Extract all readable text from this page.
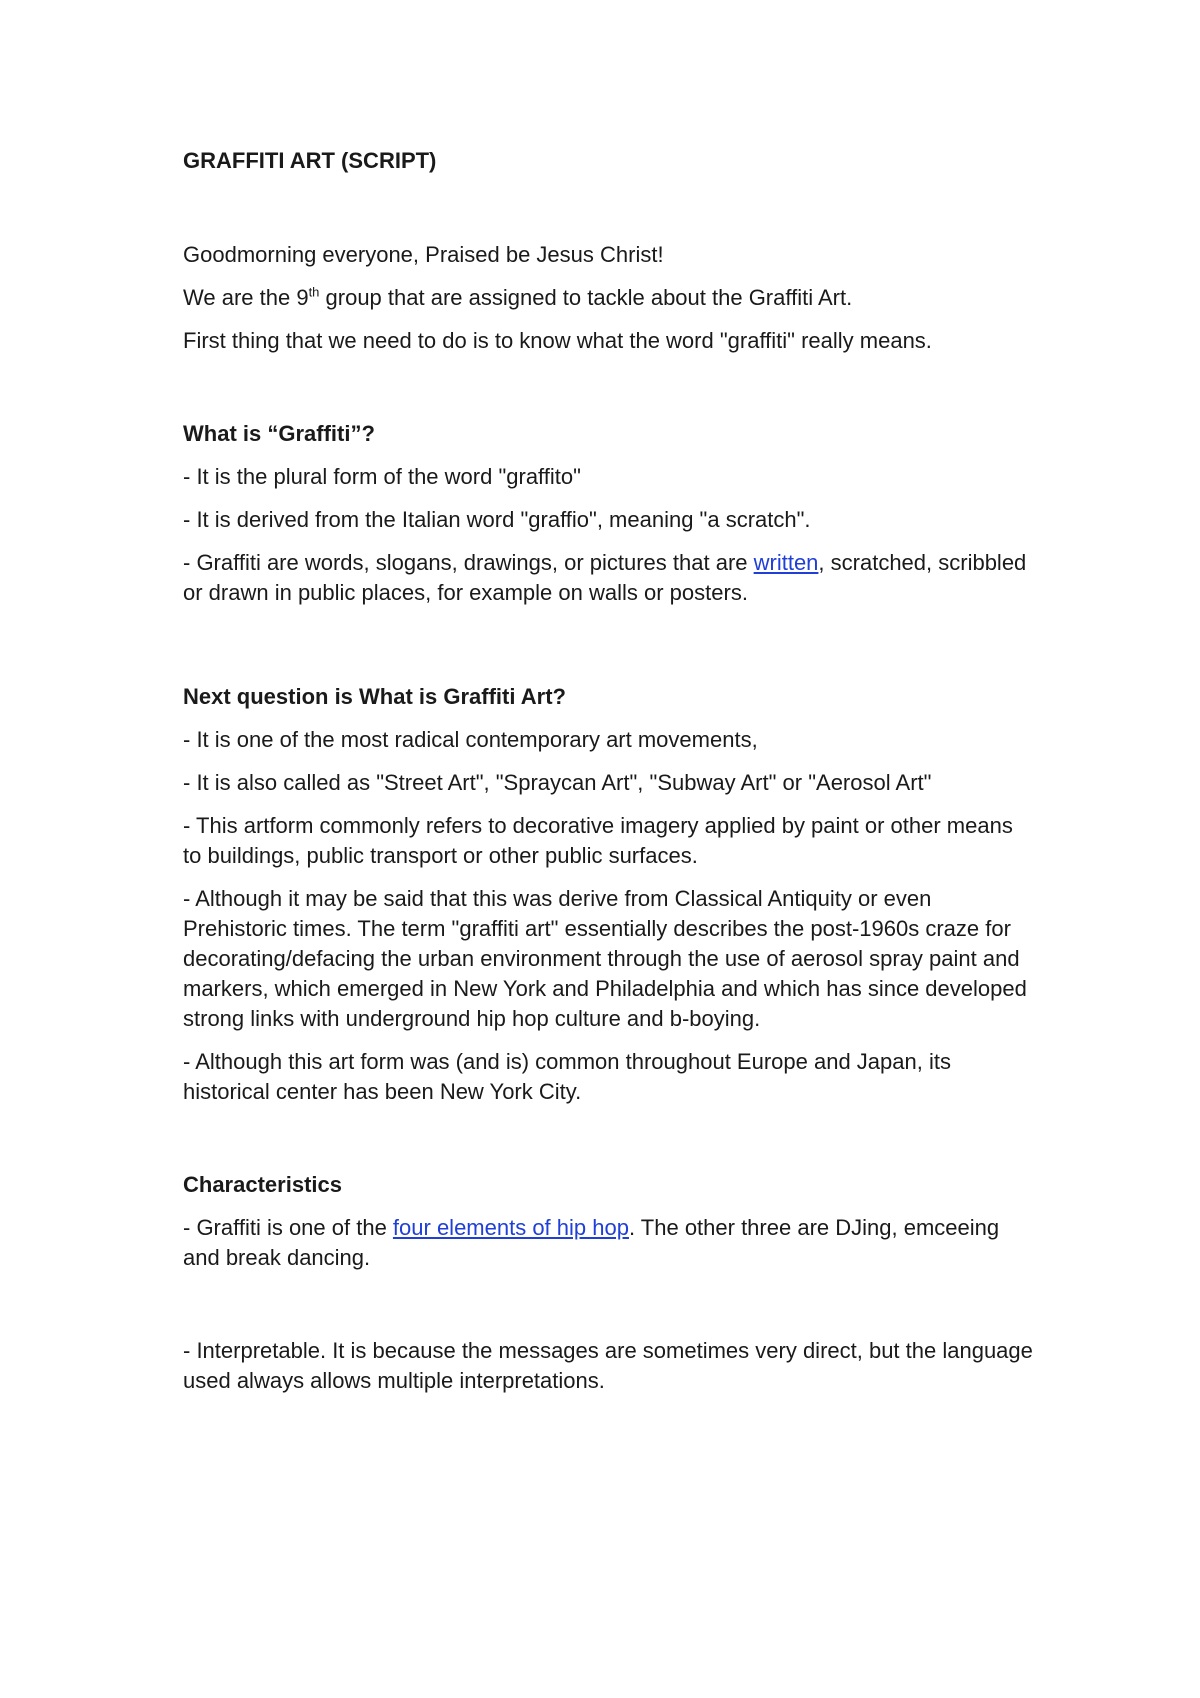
GRAFFITI ART (SCRIPT)

Goodmorning everyone, Praised be Jesus Christ!

We are the 9th group that are assigned to tackle about the Graffiti Art.

First thing that we need to do is to know what the word "graffiti" really means.

What is “Graffiti”?

- It is the plural form of the word "graffito"

- It is derived from the Italian word "graffio", meaning "a scratch".

- Graffiti are words, slogans, drawings, or pictures that are written, scratched, scribbled or drawn in public places, for example on walls or posters.

Next question is What is Graffiti Art?

- It is one of the most radical contemporary art movements,

- It is also called as "Street Art", "Spraycan Art", "Subway Art" or "Aerosol Art"

- This artform commonly refers to decorative imagery applied by paint or other means to buildings, public transport or other public surfaces.

- Although it may be said that this was derive from Classical Antiquity or even Prehistoric times. The term "graffiti art" essentially describes the post-1960s craze for decorating/defacing the urban environment through the use of aerosol spray paint and markers, which emerged in New York and Philadelphia and which has since developed strong links with underground hip hop culture and b-boying.

- Although this art form was (and is) common throughout Europe and Japan, its historical center has been New York City.

Characteristics

- Graffiti is one of the four elements of hip hop. The other three are DJing, emceeing and break dancing.

- Interpretable. It is because the messages are sometimes very direct, but the language used always allows multiple interpretations.
